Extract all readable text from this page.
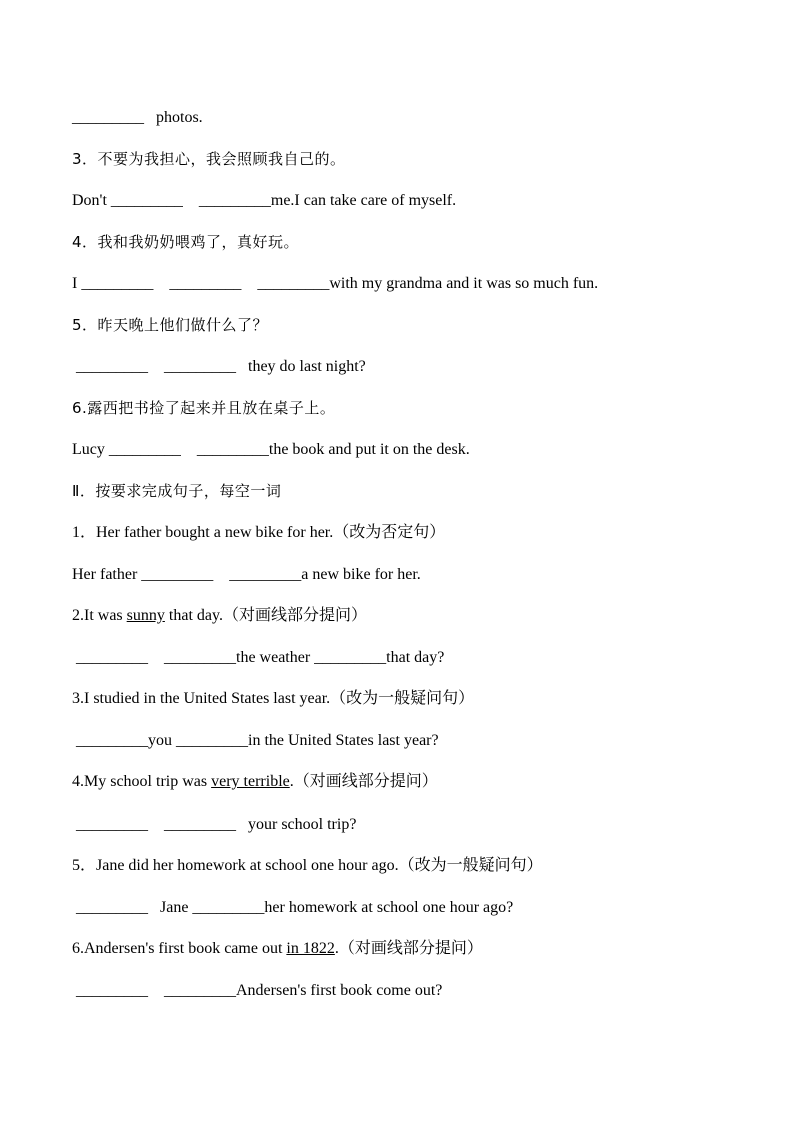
_________   photos.
3．不要为我担心，我会照顾我自己的。
Don't _________    _________me.I can take care of myself.
4．我和我奶奶喂鸡了，真好玩。
I _________    _________    _________with my grandma and it was so much fun.
5．昨天晚上他们做什么了？
_________    _________   they do last night?
6.露西把书捡了起来并且放在桌子上。
Lucy _________    _________the book and put it on the desk.
Ⅱ．按要求完成句子，每空一词
1．Her father bought a new bike for her.（改为否定句）
Her father _________    _________a new bike for her.
2.It was sunny that day.（对画线部分提问）
_________    _________the weather _________that day?
3.I studied in the United States last year.（改为一般疑问句）
_________you _________in the United States last year?
4.My school trip was very terrible.（对画线部分提问）
_________    _________   your school trip?
5．Jane did her homework at school one hour ago.（改为一般疑问句）
_________   Jane _________her homework at school one hour ago?
6.Andersen's first book came out in 1822.（对画线部分提问）
_________    _________Andersen's first book come out?
